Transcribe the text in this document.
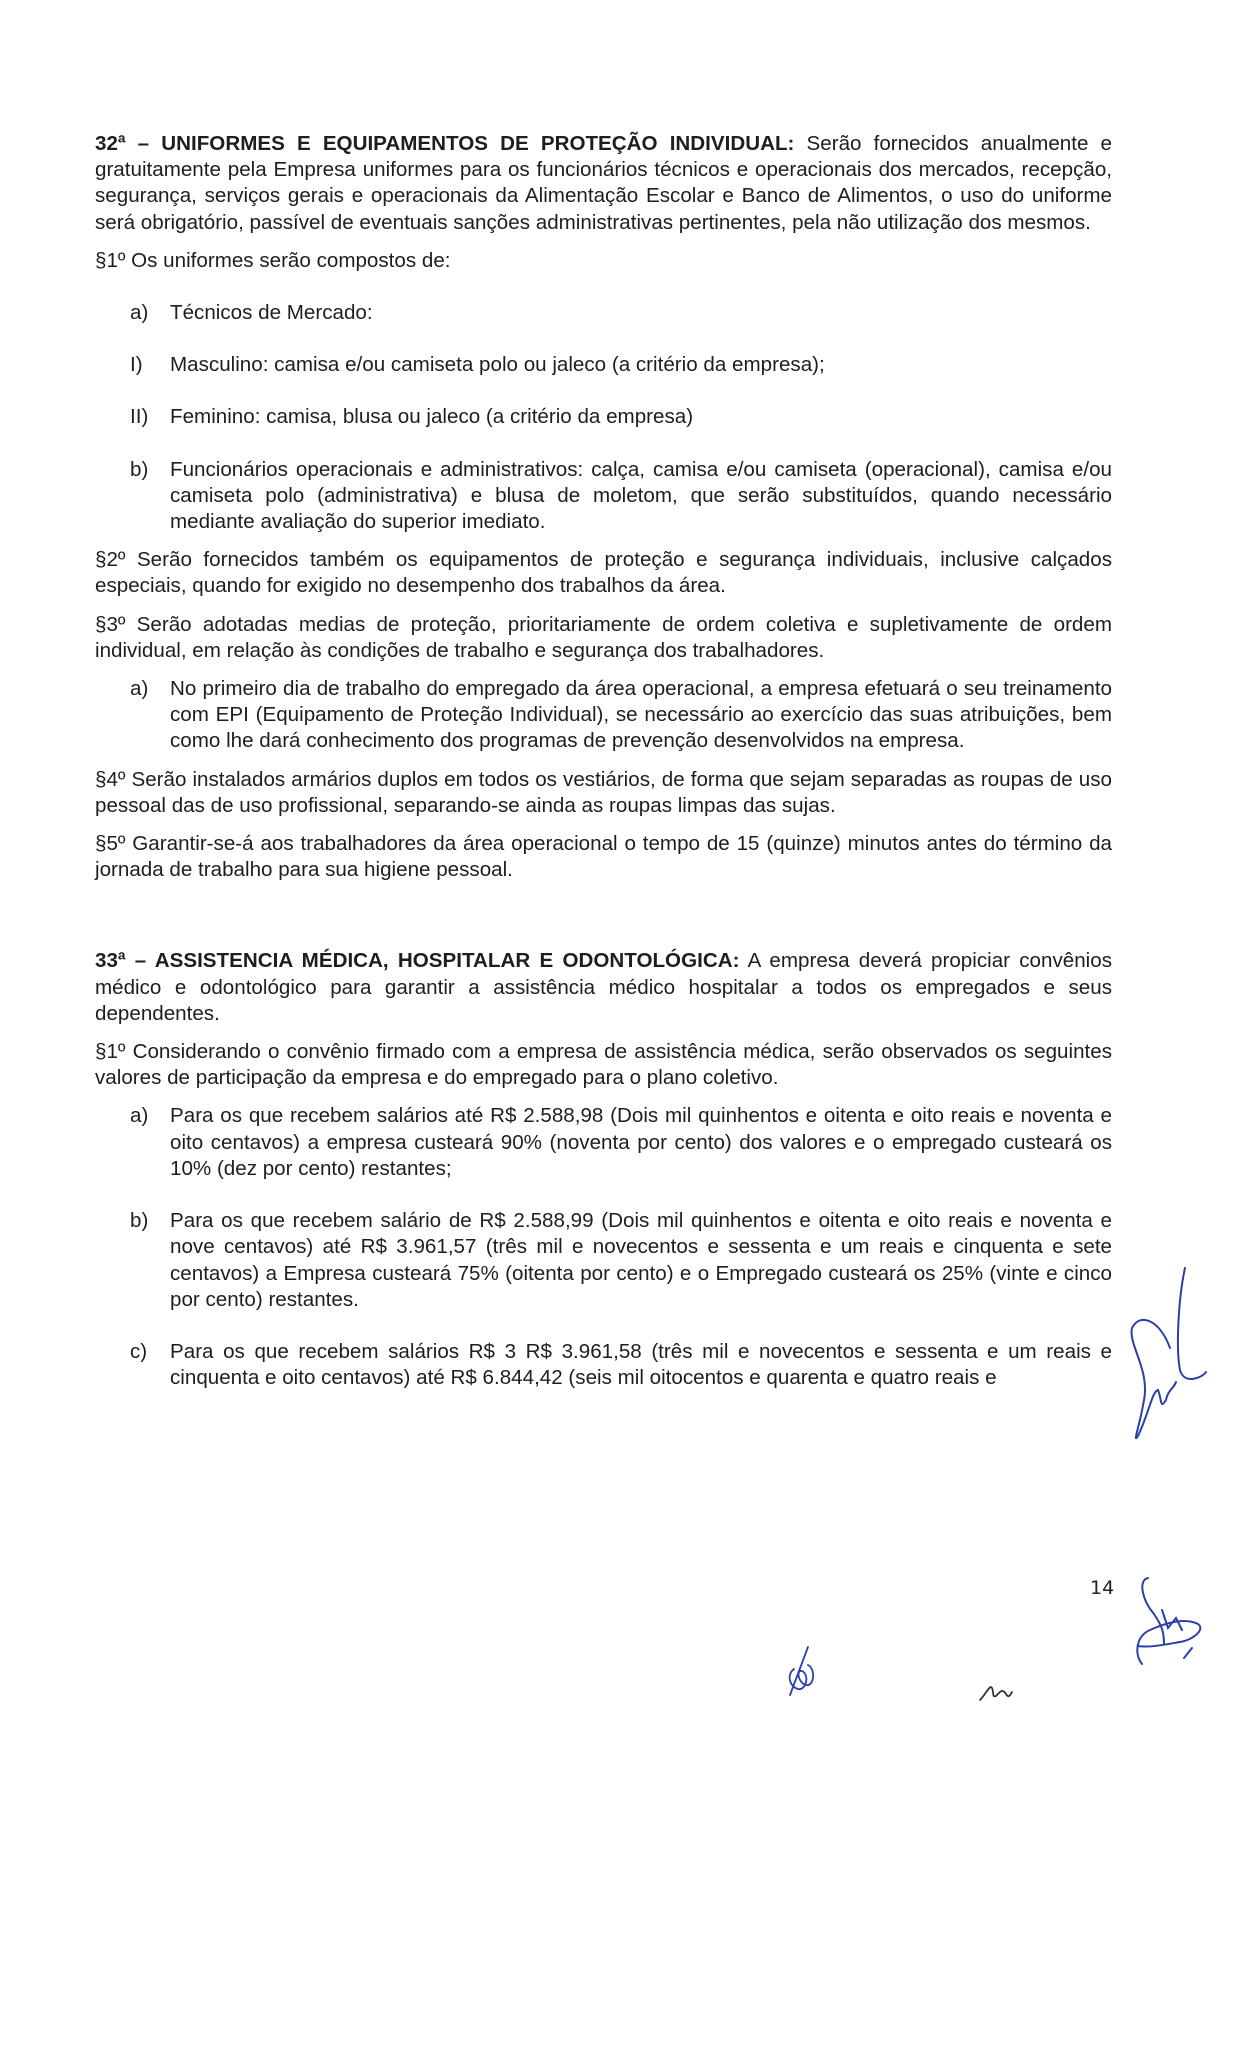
32ª – UNIFORMES E EQUIPAMENTOS DE PROTEÇÃO INDIVIDUAL: Serão fornecidos anualmente e gratuitamente pela Empresa uniformes para os funcionários técnicos e operacionais dos mercados, recepção, segurança, serviços gerais e operacionais da Alimentação Escolar e Banco de Alimentos, o uso do uniforme será obrigatório, passível de eventuais sanções administrativas pertinentes, pela não utilização dos mesmos.

§1º Os uniformes serão compostos de:

a)	Técnicos de Mercado:
I)	Masculino: camisa e/ou camiseta polo ou jaleco (a critério da empresa);
II)	Feminino: camisa, blusa ou jaleco (a critério da empresa)
b)	Funcionários operacionais e administrativos: calça, camisa e/ou camiseta (operacional), camisa e/ou camiseta polo (administrativa) e blusa de moletom, que serão substituídos, quando necessário mediante avaliação do superior imediato.

§2º Serão fornecidos também os equipamentos de proteção e segurança individuais, inclusive calçados especiais, quando for exigido no desempenho dos trabalhos da área.

§3º Serão adotadas medias de proteção, prioritariamente de ordem coletiva e supletivamente de ordem individual, em relação às condições de trabalho e segurança dos trabalhadores.

a)	No primeiro dia de trabalho do empregado da área operacional, a empresa efetuará o seu treinamento com EPI (Equipamento de Proteção Individual), se necessário ao exercício das suas atribuições, bem como lhe dará conhecimento dos programas de prevenção desenvolvidos na empresa.

§4º Serão instalados armários duplos em todos os vestiários, de forma que sejam separadas as roupas de uso pessoal das de uso profissional, separando-se ainda as roupas limpas das sujas.

§5º Garantir-se-á aos trabalhadores da área operacional o tempo de 15 (quinze) minutos antes do término da jornada de trabalho para sua higiene pessoal.

33ª – ASSISTENCIA MÉDICA, HOSPITALAR E ODONTOLÓGICA: A empresa deverá propiciar convênios médico e odontológico para garantir a assistência médico hospitalar a todos os empregados e seus dependentes.

§1º Considerando o convênio firmado com a empresa de assistência médica, serão observados os seguintes valores de participação da empresa e do empregado para o plano coletivo.

a)	Para os que recebem salários até R$ 2.588,98 (Dois mil quinhentos e oitenta e oito reais e noventa e oito centavos) a empresa custeará 90% (noventa por cento) dos valores e o empregado custeará os 10% (dez por cento) restantes;
b)	Para os que recebem salário de R$ 2.588,99 (Dois mil quinhentos e oitenta e oito reais e noventa e nove centavos) até R$ 3.961,57 (três mil e novecentos e sessenta e um reais e cinquenta e sete centavos) a Empresa custeará 75% (oitenta por cento) e o Empregado custeará os 25% (vinte e cinco por cento) restantes.
c)	Para os que recebem salários R$ 3 R$ 3.961,58 (três mil e novecentos e sessenta e um reais e cinquenta e oito centavos) até R$ 6.844,42 (seis mil oitocentos e quarenta e quatro reais e
14
